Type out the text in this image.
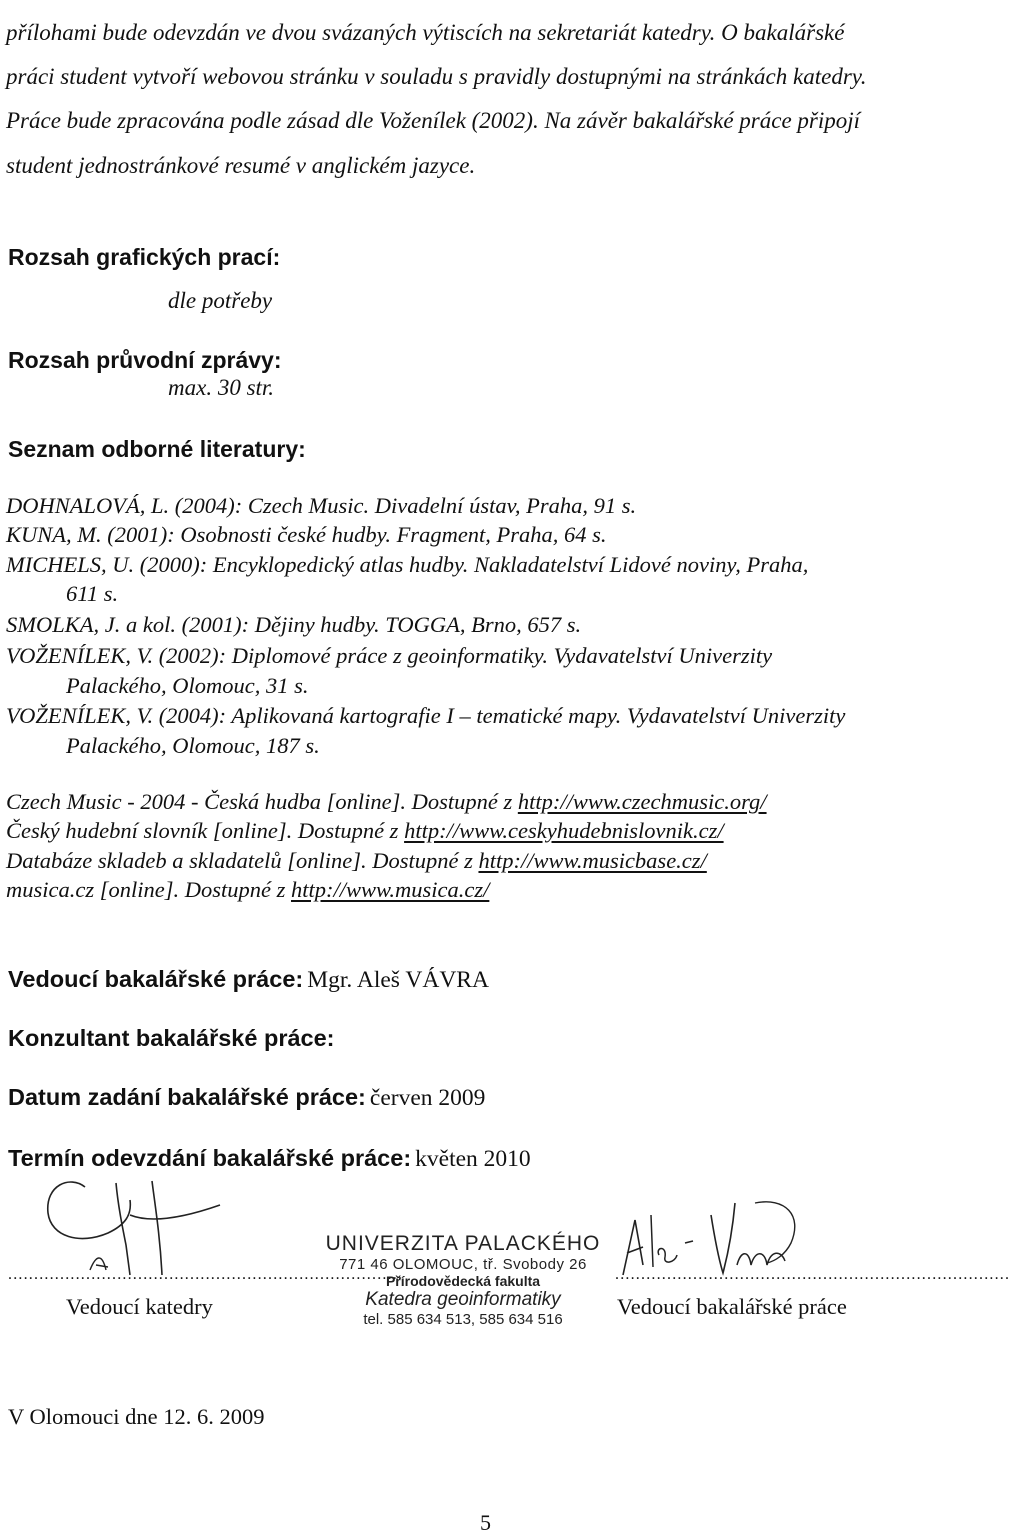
přílohami bude odevzdán ve dvou svázaných výtiscích na sekretariát katedry. O bakalářské
práci student vytvoří webovou stránku v souladu s pravidly dostupnými na stránkách katedry.
Práce bude zpracována podle zásad dle Voženílek (2002). Na závěr bakalářské práce připojí
student jednostránkové resumé v anglickém jazyce.
Rozsah grafických prací:
dle potřeby
Rozsah průvodní zprávy:
max. 30 str.
Seznam odborné literatury:
DOHNALOVÁ, L. (2004): Czech Music. Divadelní ústav, Praha, 91 s.
KUNA, M. (2001): Osobnosti české hudby. Fragment, Praha, 64 s.
MICHELS, U. (2000): Encyklopedický atlas hudby. Nakladatelství Lidové noviny, Praha,
611 s.
SMOLKA, J. a kol. (2001): Dějiny hudby. TOGGA, Brno, 657 s.
VOŽENÍLEK, V. (2002): Diplomové práce z geoinformatiky. Vydavatelství Univerzity
Palackého, Olomouc, 31 s.
VOŽENÍLEK, V. (2004): Aplikovaná kartografie I – tematické mapy. Vydavatelství Univerzity
Palackého, Olomouc, 187 s.
Czech Music - 2004 - Česká hudba [online]. Dostupné z http://www.czechmusic.org/
Český hudební slovník [online]. Dostupné z http://www.ceskyhudebnislovnik.cz/
Databáze skladeb a skladatelů [online]. Dostupné z http://www.musicbase.cz/
musica.cz [online]. Dostupné z http://www.musica.cz/
Vedoucí bakalářské práce: Mgr. Aleš VÁVRA
Konzultant bakalářské práce:
Datum zadání bakalářské práce: červen 2009
Termín odevzdání bakalářské práce: květen 2010
............................................................................	............................................................................
Vedoucí katedry
UNIVERZITA PALACKÉHO
771 46 OLOMOUC, tř. Svobody 26
Přírodovědecká fakulta
Katedra geoinformatiky
tel. 585 634 513, 585 634 516
Vedoucí bakalářské práce
V Olomouci dne 12. 6. 2009
5
